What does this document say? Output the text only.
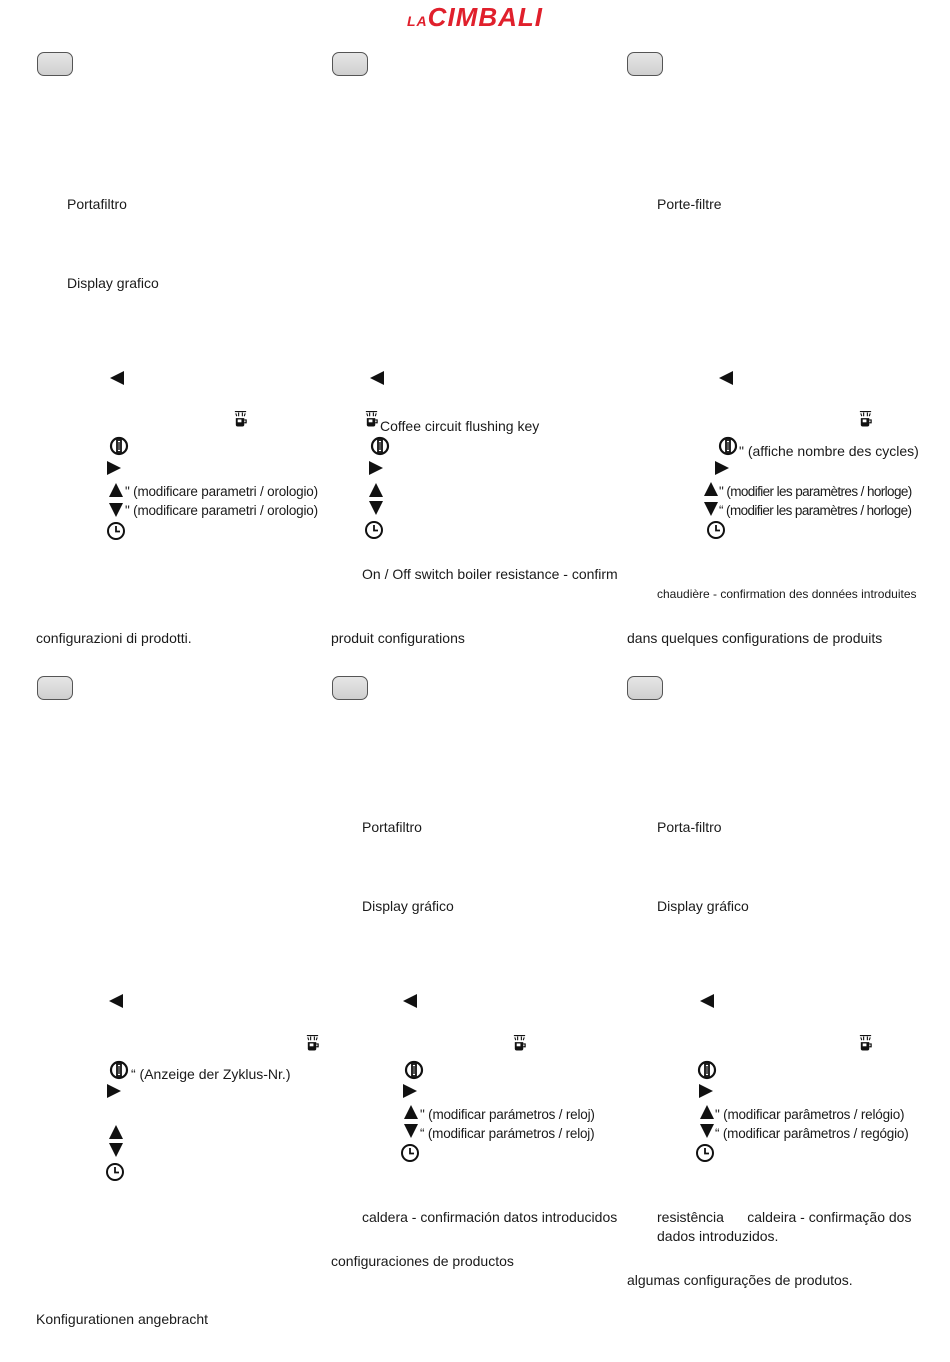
LACIMBALI
Portafiltro
Display grafico
" (modificare parametri / orologio)
" (modificare parametri / orologio)
configurazioni di prodotti.
Coffee circuit flushing key
On / Off switch boiler resistance - confirm
produit configurations
Porte-filtre
" (affiche nombre des cycles)
" (modifier les paramètres / horloge)
“ (modifier les paramètres / horloge)
chaudière - confirmation des données introduites
dans quelques configurations de produits
“ (Anzeige der Zyklus-Nr.)
Konfigurationen angebracht
Portafiltro
Display gráfico
" (modificar parámetros / reloj)
“ (modificar parámetros / reloj)
caldera - confirmación datos introducidos
configuraciones de productos
Porta-filtro
Display gráfico
" (modificar parâmetros / relógio)
“ (modificar parâmetros / regógio)
resistência      caldeira - confirmação dos
dados introduzidos.
algumas configurações de produtos.
